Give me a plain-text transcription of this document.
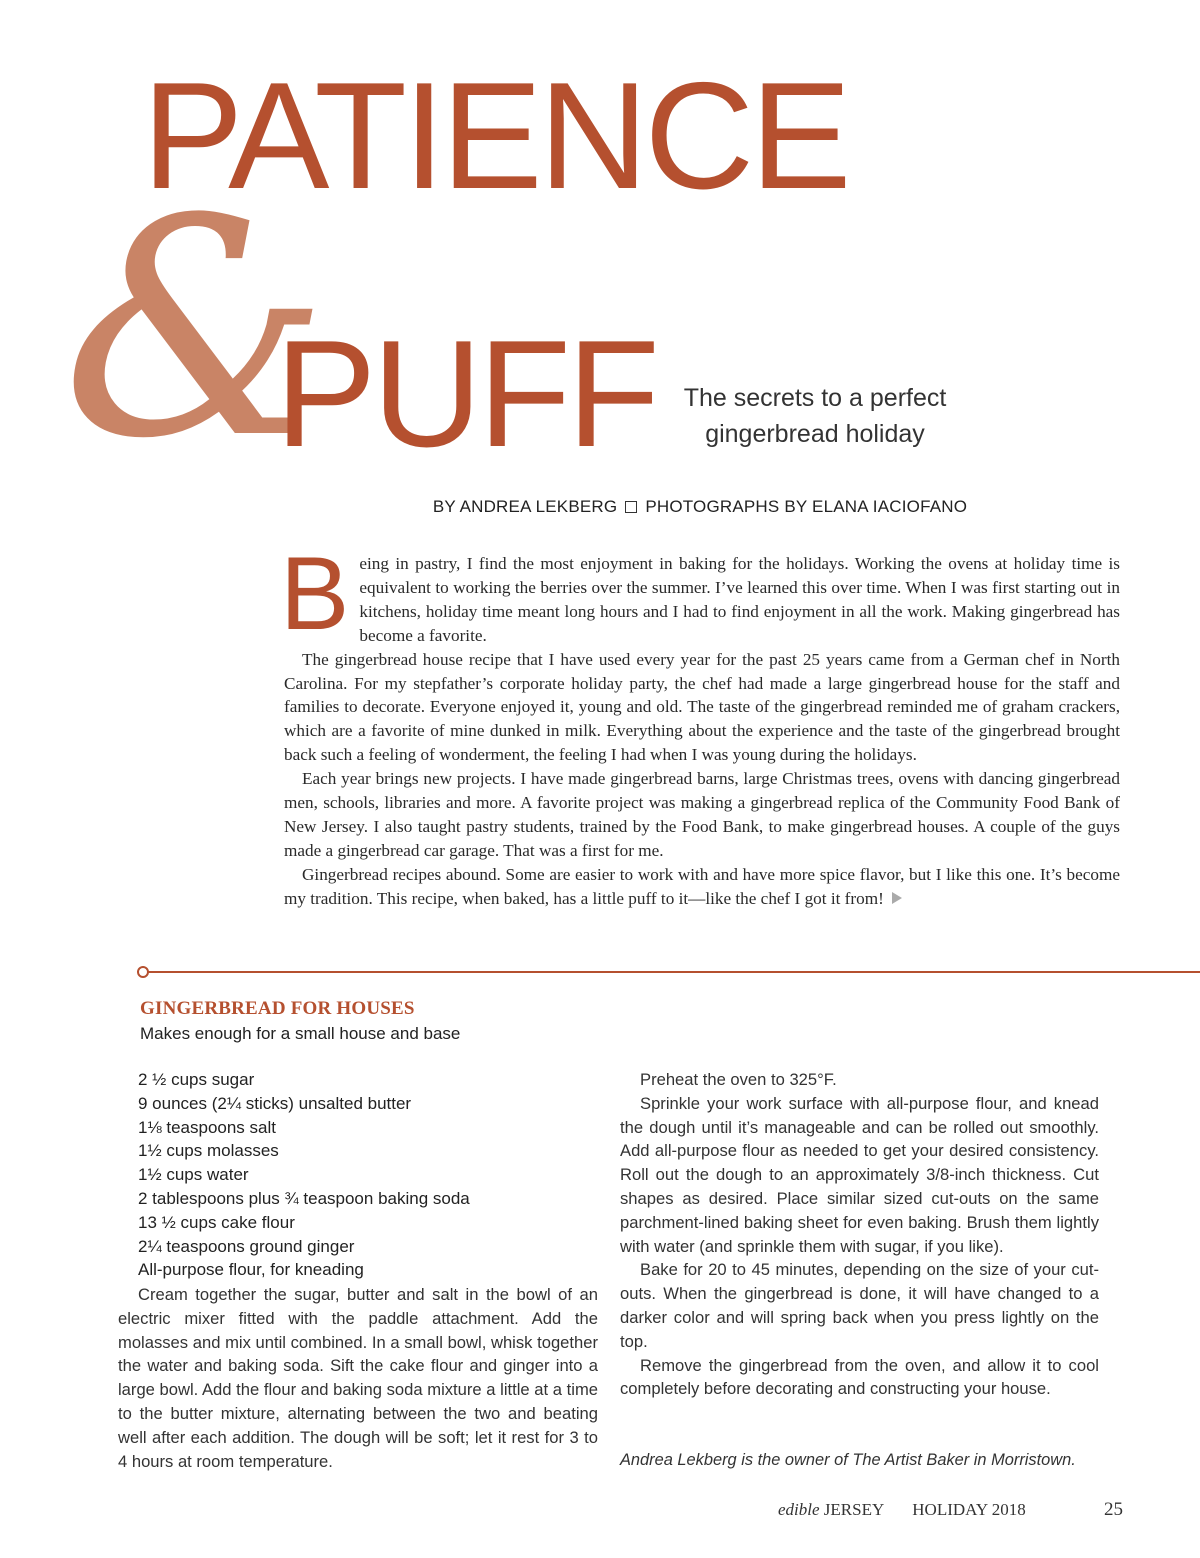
PATIENCE
&
PUFF	The secrets to a perfect
gingerbread holiday
BY ANDREA LEKBERG PHOTOGRAPHS BY ELANA IACIOFANO

Being in pastry, I find the most enjoyment in baking for the holidays. Working the ovens at holiday time is equivalent to working the berries over the summer. I’ve learned this over time. When I was first starting out in kitchens, holiday time meant long hours and I had to find enjoyment in all the work. Making gingerbread has become a favorite.

The gingerbread house recipe that I have used every year for the past 25 years came from a German chef in North Carolina. For my stepfather’s corporate holiday party, the chef had made a large gingerbread house for the staff and families to decorate. Everyone enjoyed it, young and old. The taste of the gingerbread reminded me of graham crackers, which are a favorite of mine dunked in milk. Everything about the experience and the taste of the gingerbread brought back such a feeling of wonderment, the feeling I had when I was young during the holidays.

Each year brings new projects. I have made gingerbread barns, large Christmas trees, ovens with dancing gingerbread men, schools, libraries and more. A favorite project was making a gingerbread replica of the Community Food Bank of New Jersey. I also taught pastry students, trained by the Food Bank, to make gingerbread houses. A couple of the guys made a gingerbread car garage. That was a first for me.

Gingerbread recipes abound. Some are easier to work with and have more spice flavor, but I like this one. It’s become my tradition. This recipe, when baked, has a little puff to it—like the chef I got it from!

GINGERBREAD FOR HOUSES
Makes enough for a small house and base
2 ½ cups sugar
9 ounces (2¼ sticks) unsalted butter
1⅛ teaspoons salt
1½ cups molasses
1½ cups water
2 tablespoons plus ¾ teaspoon baking soda
13 ½ cups cake flour
2¼ teaspoons ground ginger
All-purpose flour, for kneading

Cream together the sugar, butter and salt in the bowl of an electric mixer fitted with the paddle attachment. Add the molasses and mix until combined. In a small bowl, whisk together the water and baking soda. Sift the cake flour and ginger into a large bowl. Add the flour and baking soda mixture a little at a time to the butter mixture, alternating between the two and beating well after each addition. The dough will be soft; let it rest for 3 to 4 hours at room temperature.

Preheat the oven to 325°F.

Sprinkle your work surface with all-purpose flour, and knead the dough until it’s manageable and can be rolled out smoothly. Add all-purpose flour as needed to get your desired consistency. Roll out the dough to an approximately 3/8-inch thickness. Cut shapes as desired. Place similar sized cut-outs on the same parchment-lined baking sheet for even baking. Brush them lightly with water (and sprinkle them with sugar, if you like).

Bake for 20 to 45 minutes, depending on the size of your cut-outs. When the gingerbread is done, it will have changed to a darker color and will spring back when you press lightly on the top.

Remove the gingerbread from the oven, and allow it to cool completely before decorating and constructing your house.

Andrea Lekberg is the owner of The Artist Baker in Morristown.
edible JERSEY HOLIDAY 2018	25
